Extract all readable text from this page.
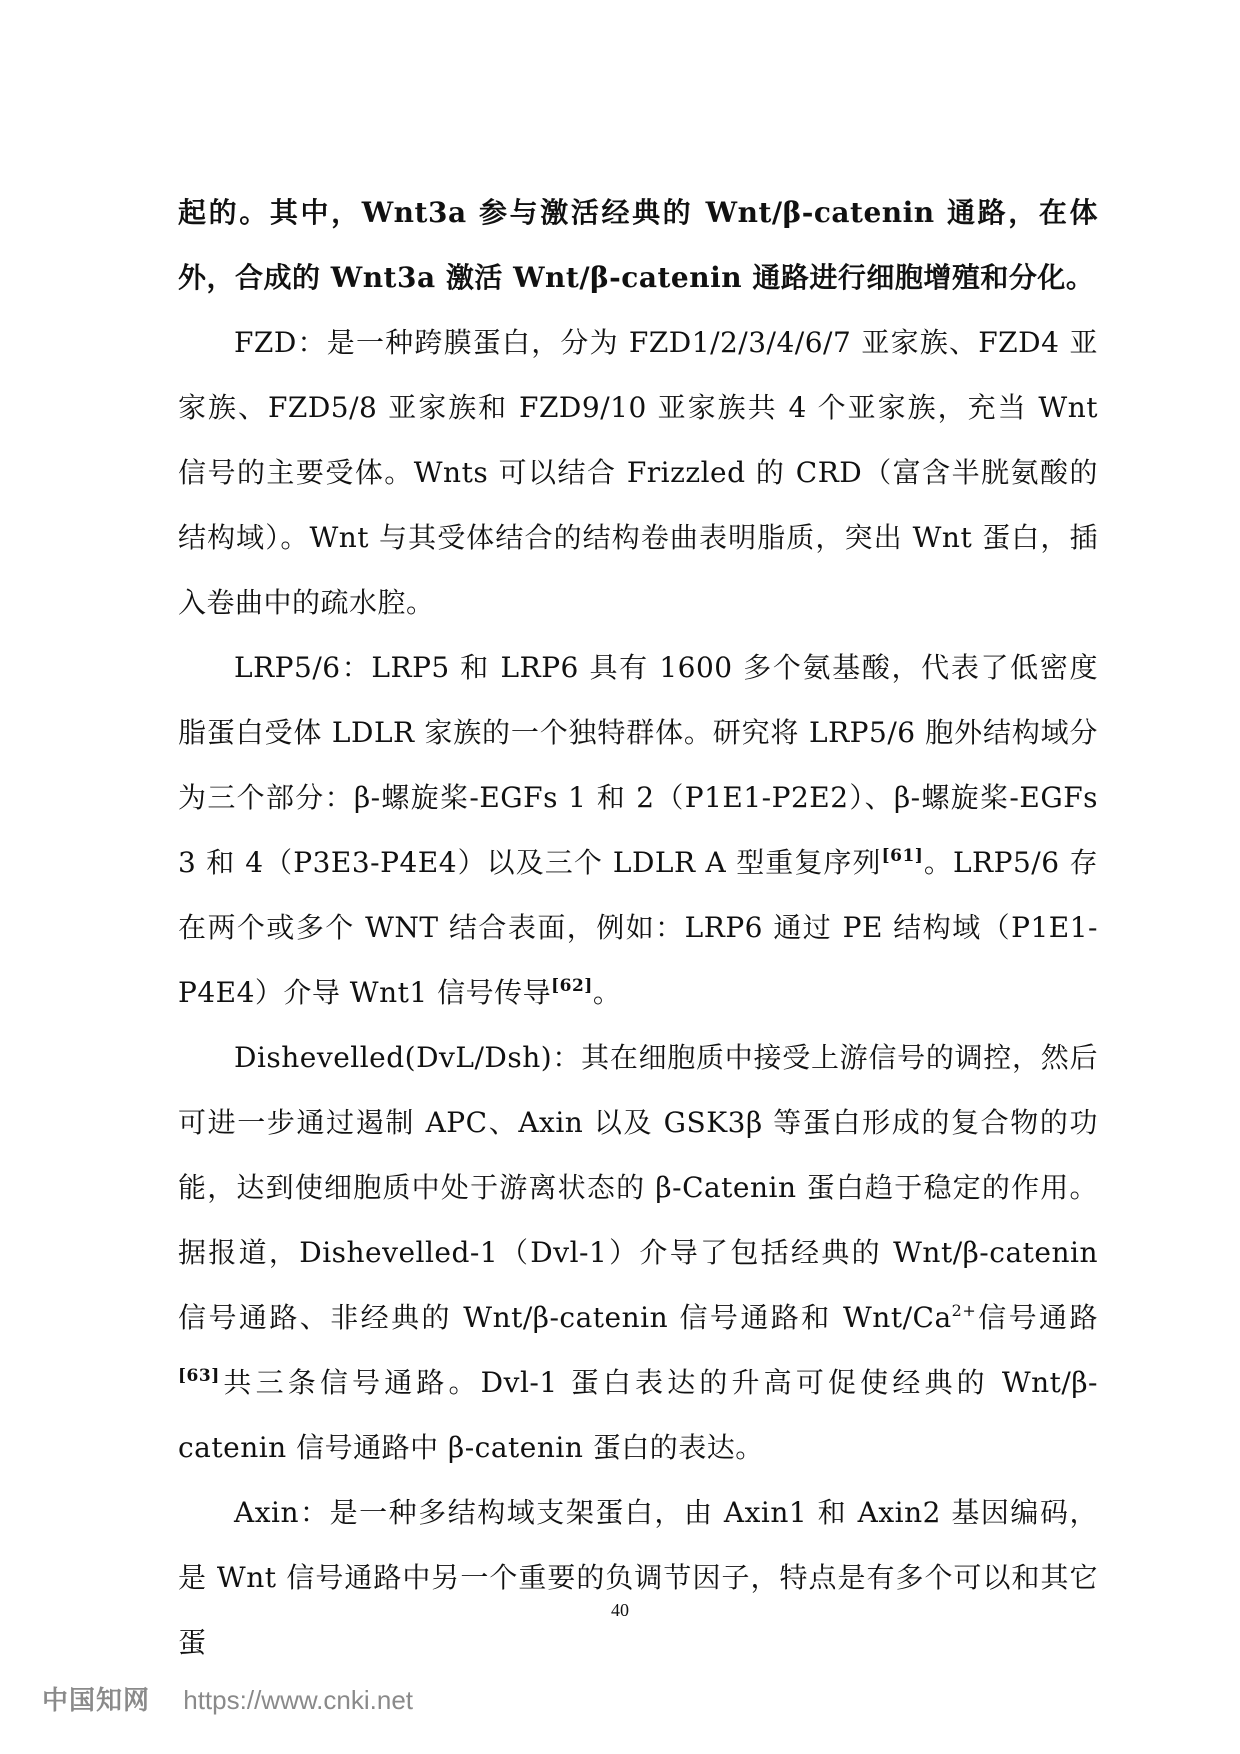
起的。其中，Wnt3a 参与激活经典的 Wnt/β-catenin 通路，在体外，合成的 Wnt3a 激活 Wnt/β-catenin 通路进行细胞增殖和分化。

FZD：是一种跨膜蛋白，分为 FZD1/2/3/4/6/7 亚家族、FZD4 亚家族、FZD5/8 亚家族和 FZD9/10 亚家族共 4 个亚家族，充当 Wnt 信号的主要受体。Wnts 可以结合 Frizzled 的 CRD（富含半胱氨酸的结构域）。Wnt 与其受体结合的结构卷曲表明脂质，突出 Wnt 蛋白，插入卷曲中的疏水腔。

LRP5/6：LRP5 和 LRP6 具有 1600 多个氨基酸，代表了低密度脂蛋白受体 LDLR 家族的一个独特群体。研究将 LRP5/6 胞外结构域分为三个部分：β-螺旋桨-EGFs 1 和 2（P1E1-P2E2）、β-螺旋桨-EGFs 3 和 4（P3E3-P4E4）以及三个 LDLR A 型重复序列[61]。LRP5/6 存在两个或多个 WNT 结合表面，例如：LRP6 通过 PE 结构域（P1E1-P4E4）介导 Wnt1 信号传导[62]。

Dishevelled(DvL/Dsh)：其在细胞质中接受上游信号的调控，然后可进一步通过遏制 APC、Axin 以及 GSK3β 等蛋白形成的复合物的功能，达到使细胞质中处于游离状态的 β-Catenin 蛋白趋于稳定的作用。据报道，Dishevelled-1（Dvl-1）介导了包括经典的 Wnt/β-catenin 信号通路、非经典的 Wnt/β-catenin 信号通路和 Wnt/$Ca^{2+}$信号通路[63]共三条信号通路。Dvl-1 蛋白表达的升高可促使经典的 Wnt/β-catenin 信号通路中 β-catenin 蛋白的表达。

Axin：是一种多结构域支架蛋白，由 Axin1 和 Axin2 基因编码，是 Wnt 信号通路中另一个重要的负调节因子，特点是有多个可以和其它蛋

40
中国知网 https://www.cnki.net
